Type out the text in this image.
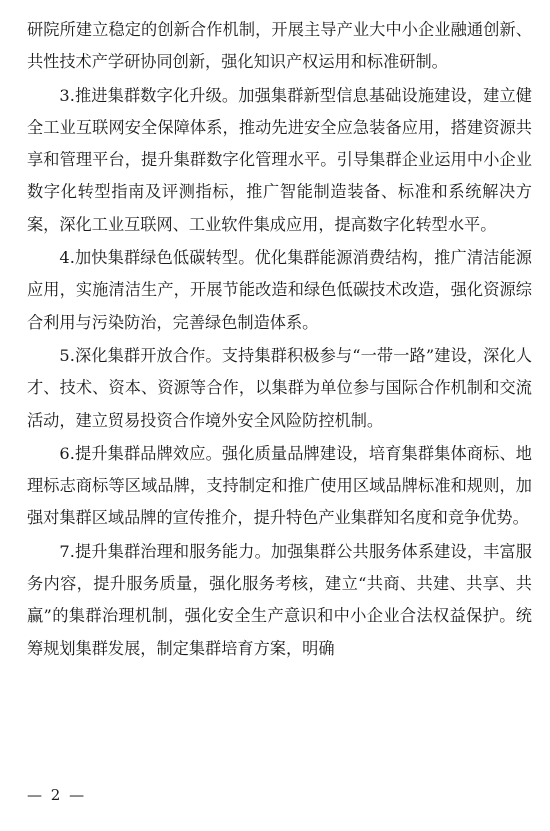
研院所建立稳定的创新合作机制，开展主导产业大中小企业融通创新、共性技术产学研协同创新，强化知识产权运用和标准研制。

3.推进集群数字化升级。加强集群新型信息基础设施建设，建立健全工业互联网安全保障体系，推动先进安全应急装备应用，搭建资源共享和管理平台，提升集群数字化管理水平。引导集群企业运用中小企业数字化转型指南及评测指标，推广智能制造装备、标准和系统解决方案，深化工业互联网、工业软件集成应用，提高数字化转型水平。

4.加快集群绿色低碳转型。优化集群能源消费结构，推广清洁能源应用，实施清洁生产，开展节能改造和绿色低碳技术改造，强化资源综合利用与污染防治，完善绿色制造体系。

5.深化集群开放合作。支持集群积极参与“一带一路”建设，深化人才、技术、资本、资源等合作，以集群为单位参与国际合作机制和交流活动，建立贸易投资合作境外安全风险防控机制。

6.提升集群品牌效应。强化质量品牌建设，培育集群集体商标、地理标志商标等区域品牌，支持制定和推广使用区域品牌标准和规则，加强对集群区域品牌的宣传推介，提升特色产业集群知名度和竞争优势。

7.提升集群治理和服务能力。加强集群公共服务体系建设，丰富服务内容，提升服务质量，强化服务考核，建立“共商、共建、共享、共赢”的集群治理机制，强化安全生产意识和中小企业合法权益保护。统筹规划集群发展，制定集群培育方案，明确

— 2 —
